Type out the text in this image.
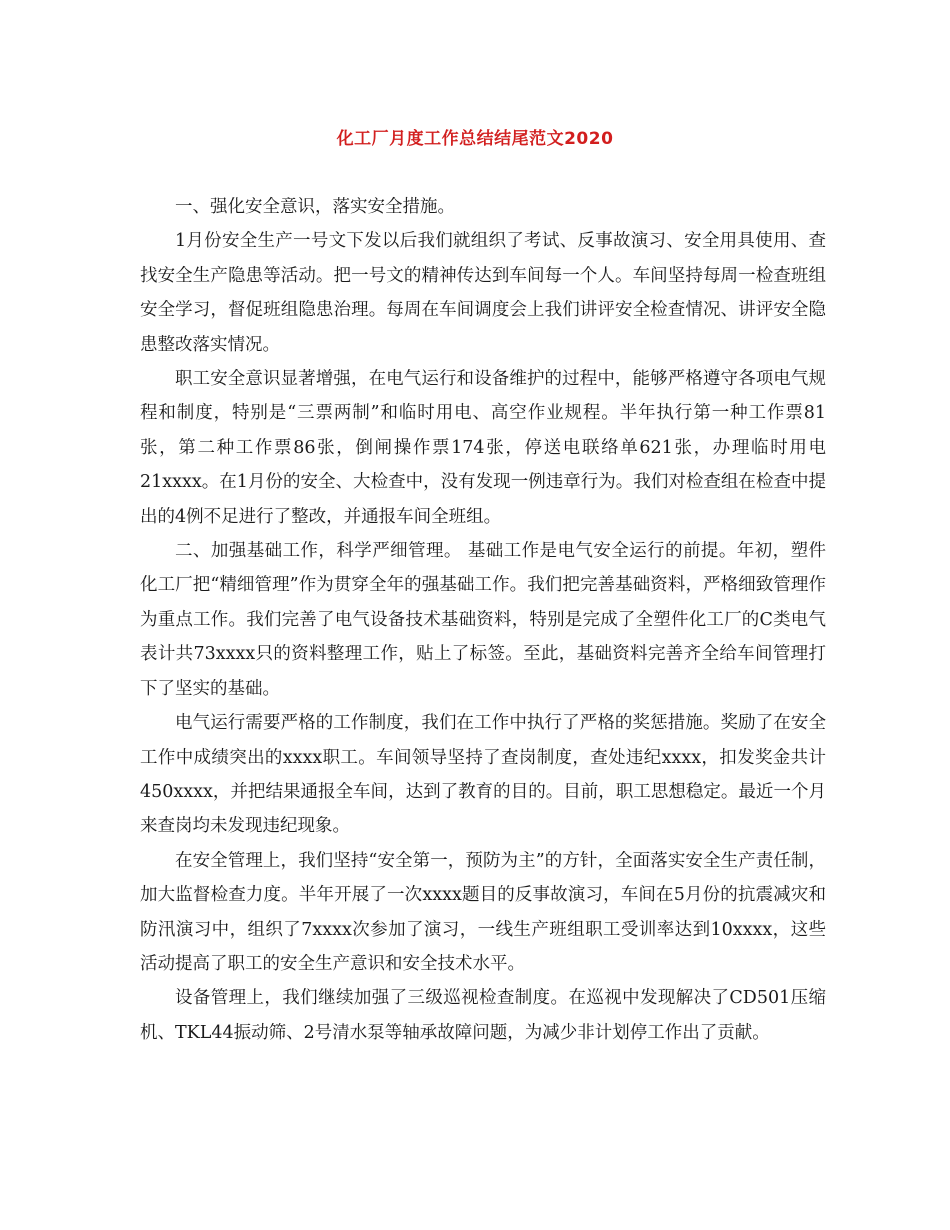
化工厂月度工作总结结尾范文2020

一、强化安全意识，落实安全措施。

1月份安全生产一号文下发以后我们就组织了考试、反事故演习、安全用具使用、查找安全生产隐患等活动。把一号文的精神传达到车间每一个人。车间坚持每周一检查班组安全学习，督促班组隐患治理。每周在车间调度会上我们讲评安全检查情况、讲评安全隐患整改落实情况。

职工安全意识显著增强，在电气运行和设备维护的过程中，能够严格遵守各项电气规程和制度，特别是“三票两制”和临时用电、高空作业规程。半年执行第一种工作票81张，第二种工作票86张，倒闸操作票174张，停送电联络单621张，办理临时用电21xxxx。在1月份的安全、大检查中，没有发现一例违章行为。我们对检查组在检查中提出的4例不足进行了整改，并通报车间全班组。

二、加强基础工作，科学严细管理。 基础工作是电气安全运行的前提。年初，塑件化工厂把“精细管理”作为贯穿全年的强基础工作。我们把完善基础资料，严格细致管理作为重点工作。我们完善了电气设备技术基础资料，特别是完成了全塑件化工厂的C类电气表计共73xxxx只的资料整理工作，贴上了标签。至此，基础资料完善齐全给车间管理打下了坚实的基础。

电气运行需要严格的工作制度，我们在工作中执行了严格的奖惩措施。奖励了在安全工作中成绩突出的xxxx职工。车间领导坚持了查岗制度，查处违纪xxxx，扣发奖金共计450xxxx，并把结果通报全车间，达到了教育的目的。目前，职工思想稳定。最近一个月来查岗均未发现违纪现象。

在安全管理上，我们坚持“安全第一，预防为主”的方针，全面落实安全生产责任制，加大监督检查力度。半年开展了一次xxxx题目的反事故演习，车间在5月份的抗震减灾和防汛演习中，组织了7xxxx次参加了演习，一线生产班组职工受训率达到10xxxx，这些活动提高了职工的安全生产意识和安全技术水平。

设备管理上，我们继续加强了三级巡视检查制度。在巡视中发现解决了CD501压缩机、TKL44振动筛、2号清水泵等轴承故障问题，为减少非计划停工作出了贡献。
